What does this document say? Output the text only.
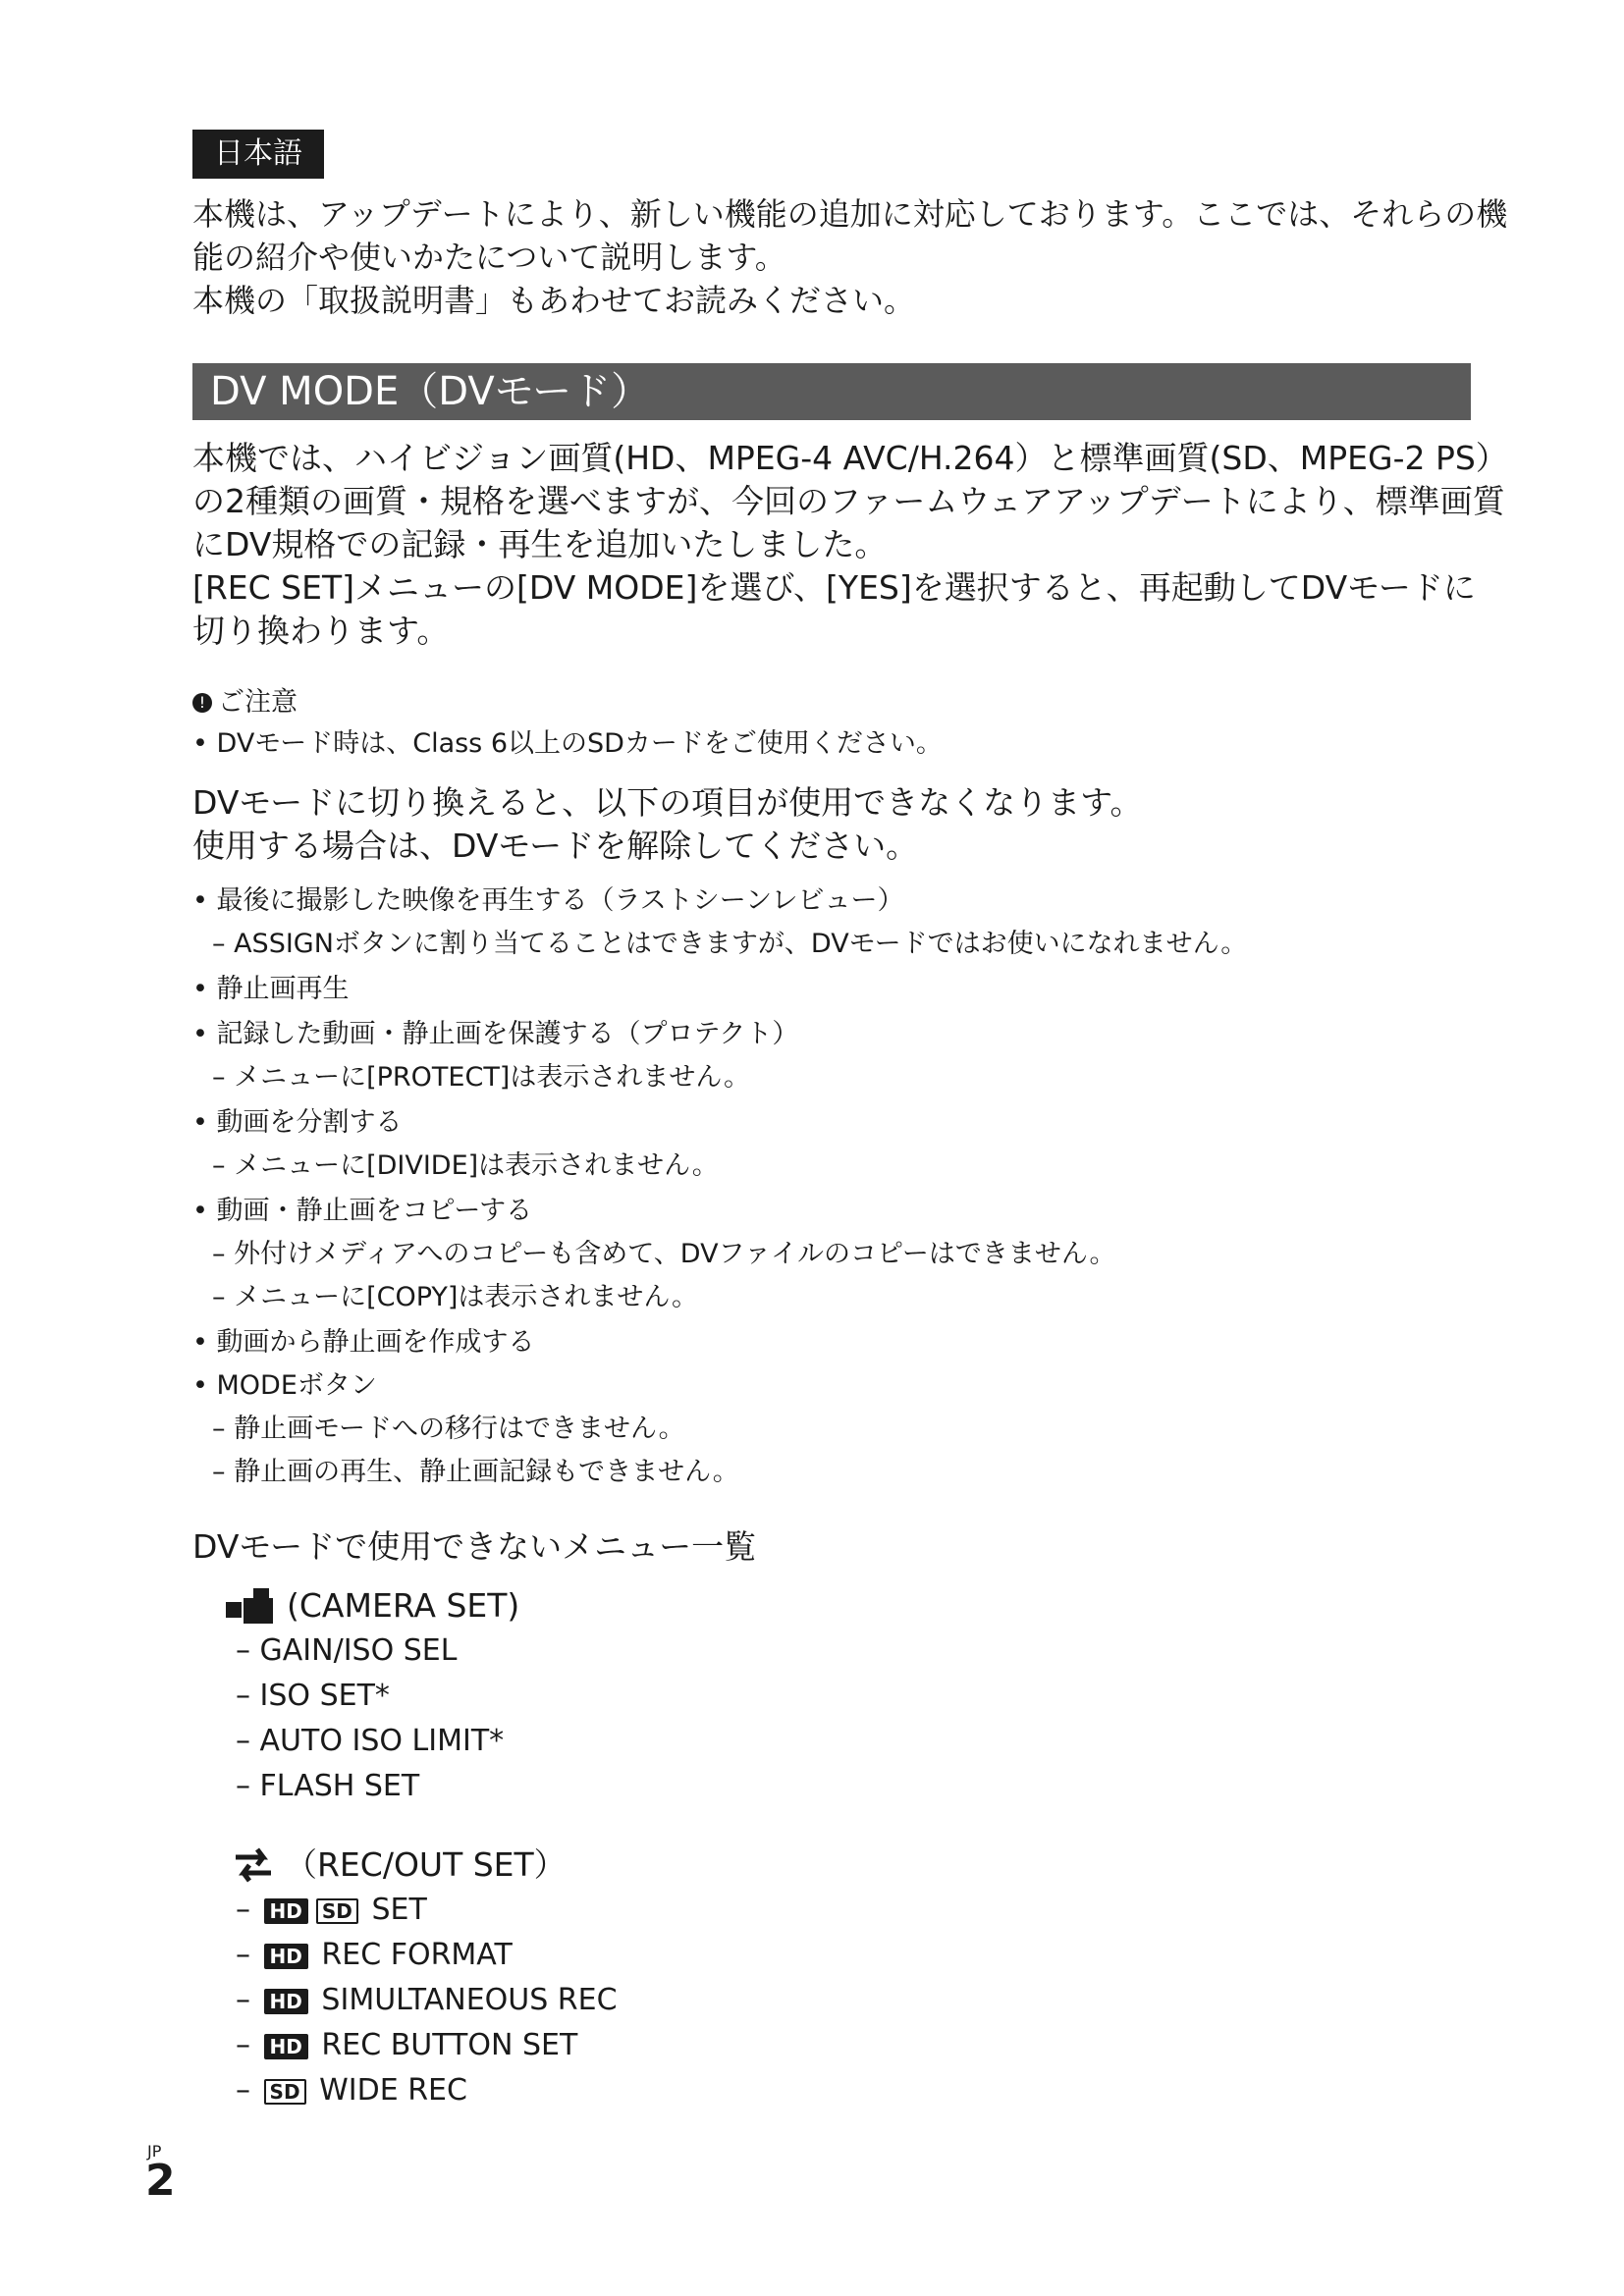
日本語

本機は、アップデートにより、新しい機能の追加に対応しております。ここでは、それらの機

能の紹介や使いかたについて説明します。

本機の「取扱説明書」もあわせてお読みください。

DV MODE（DVモード）

本機では、ハイビジョン画質(HD、MPEG-4 AVC/H.264）と標準画質(SD、MPEG-2 PS）

の2種類の画質・規格を選べますが、今回のファームウェアアップデートにより、標準画質

にDV規格での記録・再生を追加いたしました。

[REC SET]メニューの[DV MODE]を選び、[YES]を選択すると、再起動してDVモードに

切り換わります。

! ご注意
• DVモード時は、Class 6以上のSDカードをご使用ください。

DVモードに切り換えると、以下の項目が使用できなくなります。

使用する場合は、DVモードを解除してください。

• 最後に撮影した映像を再生する（ラストシーンレビュー）
– ASSIGNボタンに割り当てることはできますが、DVモードではお使いになれません。
• 静止画再生
• 記録した動画・静止画を保護する（プロテクト）
– メニューに[PROTECT]は表示されません。
• 動画を分割する
– メニューに[DIVIDE]は表示されません。
• 動画・静止画をコピーする
– 外付けメディアへのコピーも含めて、DVファイルのコピーはできません。
– メニューに[COPY]は表示されません。
• 動画から静止画を作成する
• MODEボタン
– 静止画モードへの移行はできません。
– 静止画の再生、静止画記録もできません。
DVモードで使用できないメニュー一覧
(CAMERA SET)
– GAIN/ISO SEL
– ISO SET*
– AUTO ISO LIMIT*
– FLASH SET
（REC/OUT SET）
– HD SD SET
– HD REC FORMAT
– HD SIMULTANEOUS REC
– HD REC BUTTON SET
– SD WIDE REC
JP
2
